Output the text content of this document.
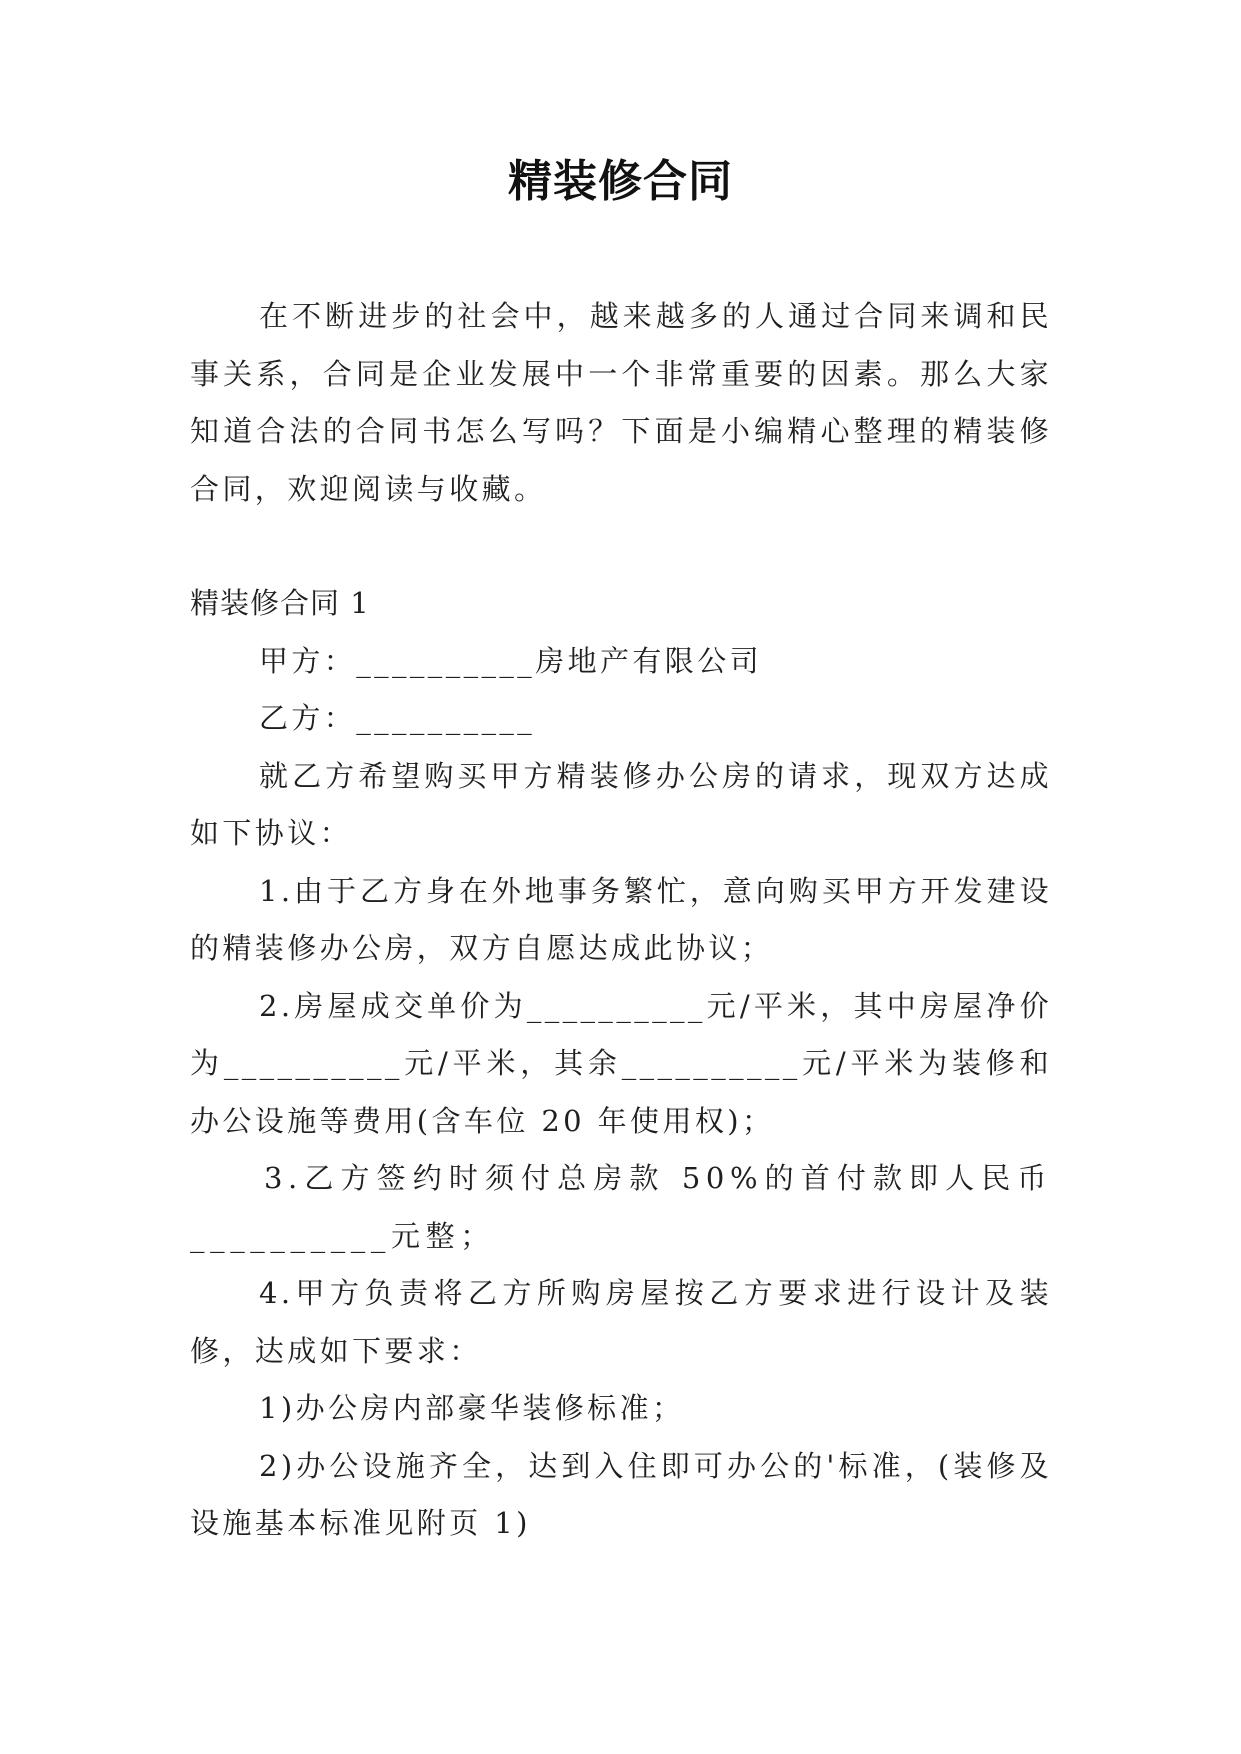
精装修合同

在不断进步的社会中，越来越多的人通过合同来调和民事关系，合同是企业发展中一个非常重要的因素。那么大家知道合法的合同书怎么写吗？下面是小编精心整理的精装修合同，欢迎阅读与收藏。

精装修合同 1

甲方：__________房地产有限公司

乙方：__________

就乙方希望购买甲方精装修办公房的请求，现双方达成如下协议：

1.由于乙方身在外地事务繁忙，意向购买甲方开发建设的精装修办公房，双方自愿达成此协议；

2.房屋成交单价为__________元/平米，其中房屋净价为__________元/平米，其余__________元/平米为装修和办公设施等费用(含车位 20 年使用权)；

3.乙方签约时须付总房款 50%的首付款即人民币__________元整；

4.甲方负责将乙方所购房屋按乙方要求进行设计及装修，达成如下要求：

1)办公房内部豪华装修标准；

2)办公设施齐全，达到入住即可办公的'标准，(装修及设施基本标准见附页 1)
